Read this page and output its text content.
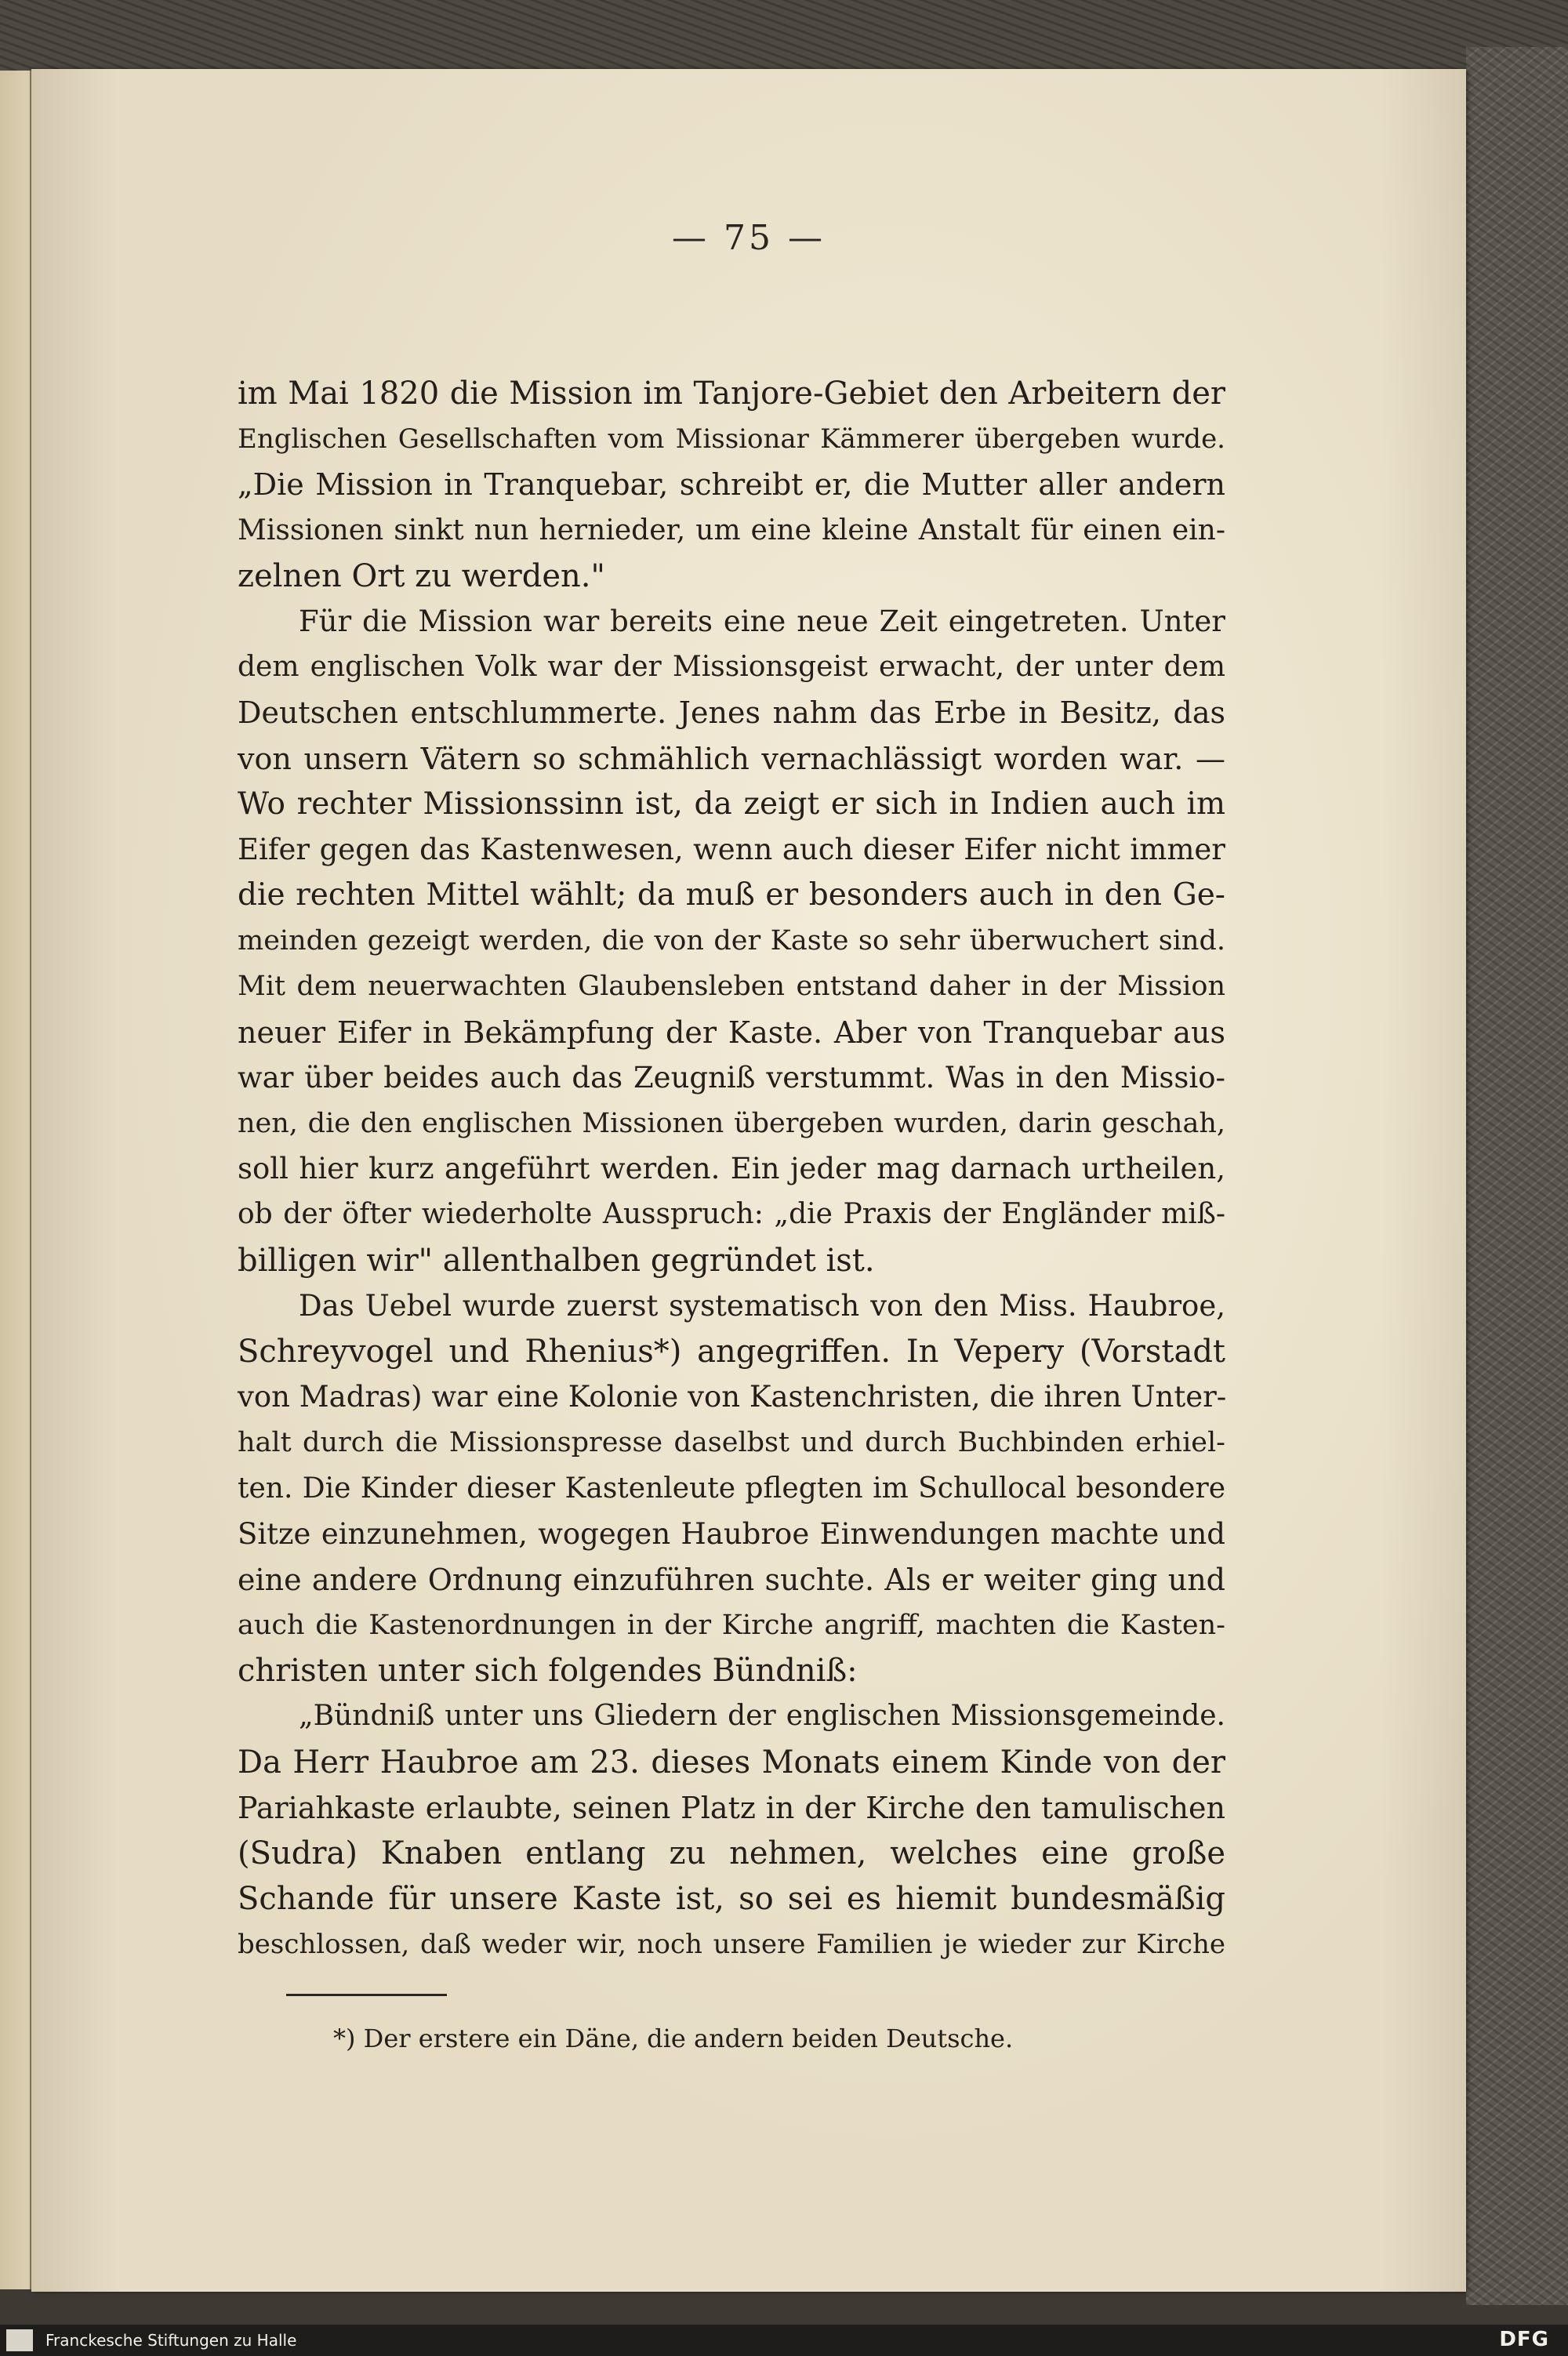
— 75 —
im Mai 1820 die Mission im Tanjore-Gebiet den Arbeitern der
Englischen Gesellschaften vom Missionar Kämmerer übergeben wurde.
„Die Mission in Tranquebar, schreibt er, die Mutter aller andern
Missionen sinkt nun hernieder, um eine kleine Anstalt für einen ein-
zelnen Ort zu werden."
Für die Mission war bereits eine neue Zeit eingetreten. Unter
dem englischen Volk war der Missionsgeist erwacht, der unter dem
Deutschen entschlummerte. Jenes nahm das Erbe in Besitz, das
von unsern Vätern so schmählich vernachlässigt worden war. —
Wo rechter Missionssinn ist, da zeigt er sich in Indien auch im
Eifer gegen das Kastenwesen, wenn auch dieser Eifer nicht immer
die rechten Mittel wählt; da muß er besonders auch in den Ge-
meinden gezeigt werden, die von der Kaste so sehr überwuchert sind.
Mit dem neuerwachten Glaubensleben entstand daher in der Mission
neuer Eifer in Bekämpfung der Kaste. Aber von Tranquebar aus
war über beides auch das Zeugniß verstummt. Was in den Missio-
nen, die den englischen Missionen übergeben wurden, darin geschah,
soll hier kurz angeführt werden. Ein jeder mag darnach urtheilen,
ob der öfter wiederholte Ausspruch: „die Praxis der Engländer miß-
billigen wir" allenthalben gegründet ist.
Das Uebel wurde zuerst systematisch von den Miss. Haubroe,
Schreyvogel und Rhenius*) angegriffen. In Vepery (Vorstadt
von Madras) war eine Kolonie von Kastenchristen, die ihren Unter-
halt durch die Missionspresse daselbst und durch Buchbinden erhiel-
ten. Die Kinder dieser Kastenleute pflegten im Schullocal besondere
Sitze einzunehmen, wogegen Haubroe Einwendungen machte und
eine andere Ordnung einzuführen suchte. Als er weiter ging und
auch die Kastenordnungen in der Kirche angriff, machten die Kasten-
christen unter sich folgendes Bündniß:
„Bündniß unter uns Gliedern der englischen Missionsgemeinde.
Da Herr Haubroe am 23. dieses Monats einem Kinde von der
Pariahkaste erlaubte, seinen Platz in der Kirche den tamulischen
(Sudra) Knaben entlang zu nehmen, welches eine große
Schande für unsere Kaste ist, so sei es hiemit bundesmäßig
beschlossen, daß weder wir, noch unsere Familien je wieder zur Kirche
*) Der erstere ein Däne, die andern beiden Deutsche.
Franckesche Stiftungen zu Halle	DFG
